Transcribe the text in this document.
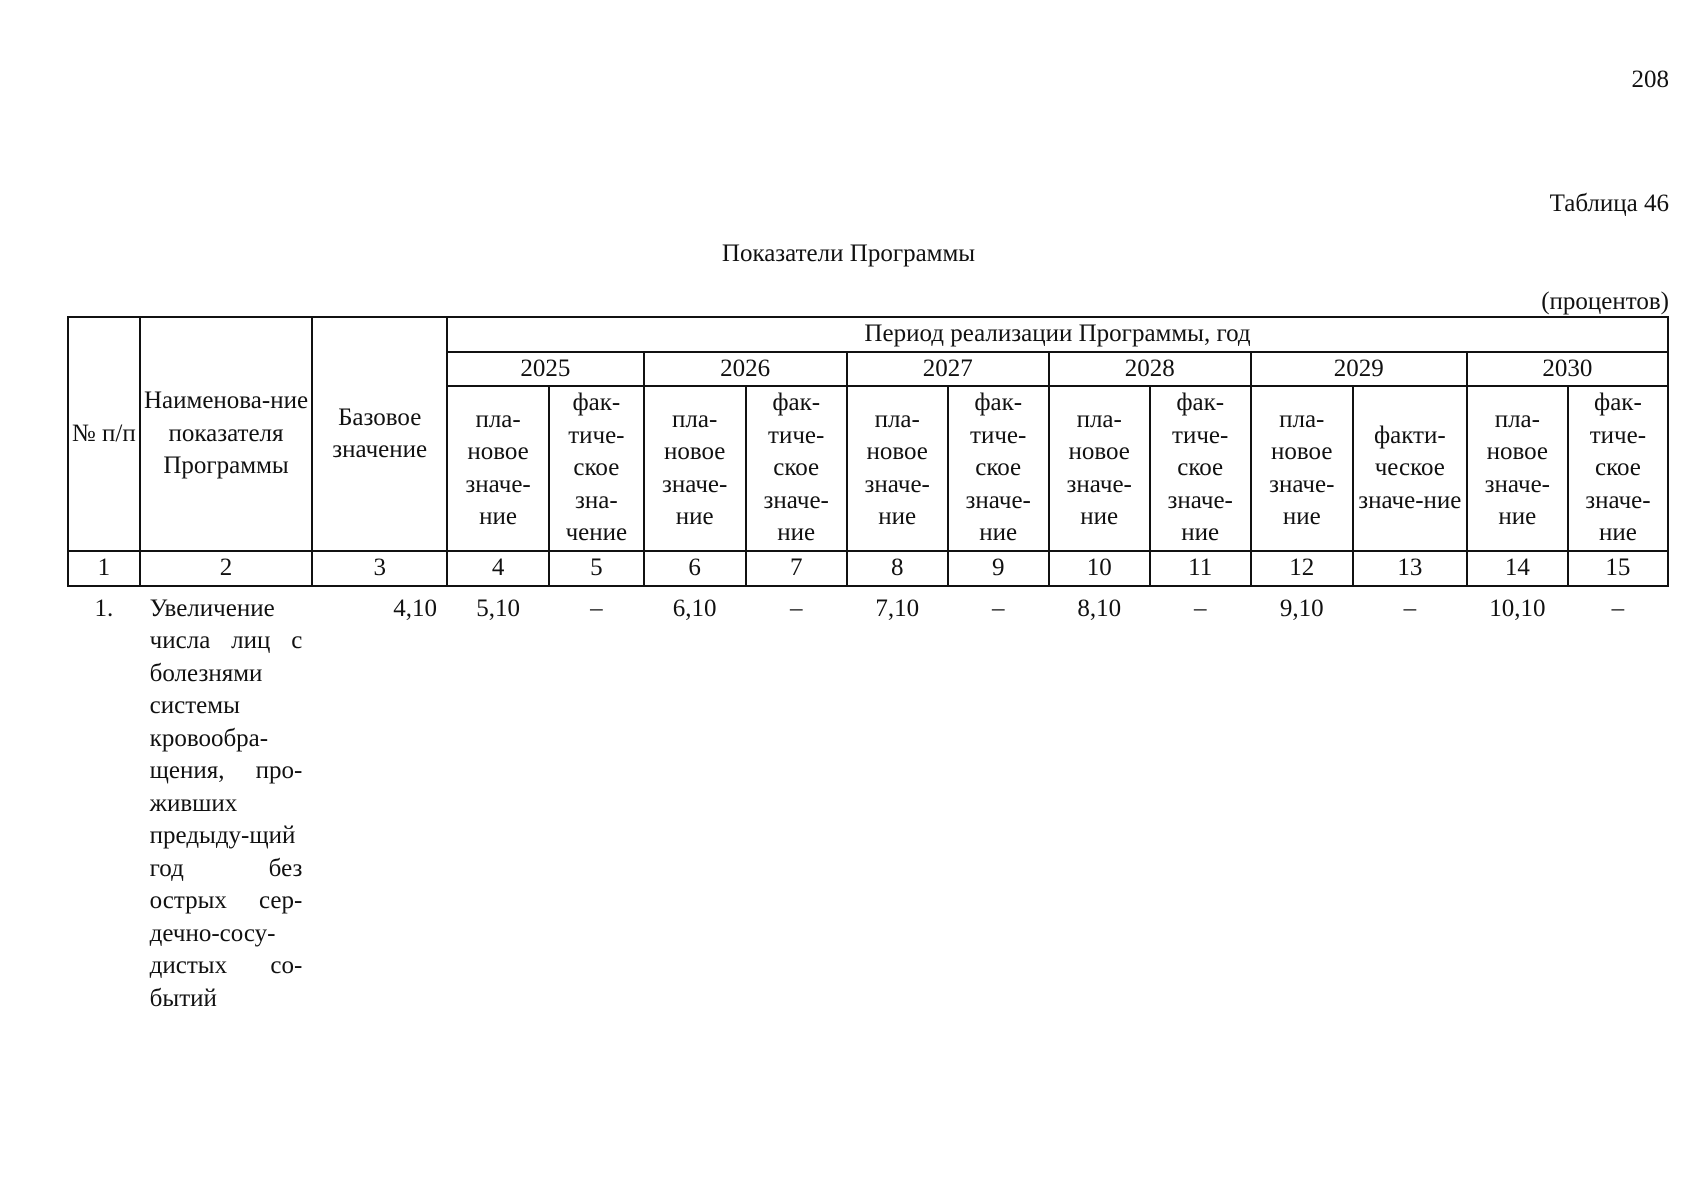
208
Таблица 46
Показатели Программы
(процентов)
№ п/п	Наименова-ние показателя Программы	Базовое значение	Период реализации Программы, год											
			2025		2026		2027		2028		2029		2030	
			пла-новое значе-ние	фак-тиче-ское зна-чение	пла-новое значе-ние	фак-тиче-ское значе-ние	пла-новое значе-ние	фак-тиче-ское значе-ние	пла-новое значе-ние	фак-тиче-ское значе-ние	пла-новое значе-ние	факти-ческое значе-ние	пла-новое значе-ние	фак-тиче-ское значе-ние
1	2	3	4	5	6	7	8	9	10	11	12	13	14	15
1.	Увеличение числа лиц с болезнями системы кровообра-щения, про-живших предыду-щий год без острых сер-дечно-сосу-дистых со-бытий	4,10	5,10	–	6,10	–	7,10	–	8,10	–	9,10	–	10,10	–
